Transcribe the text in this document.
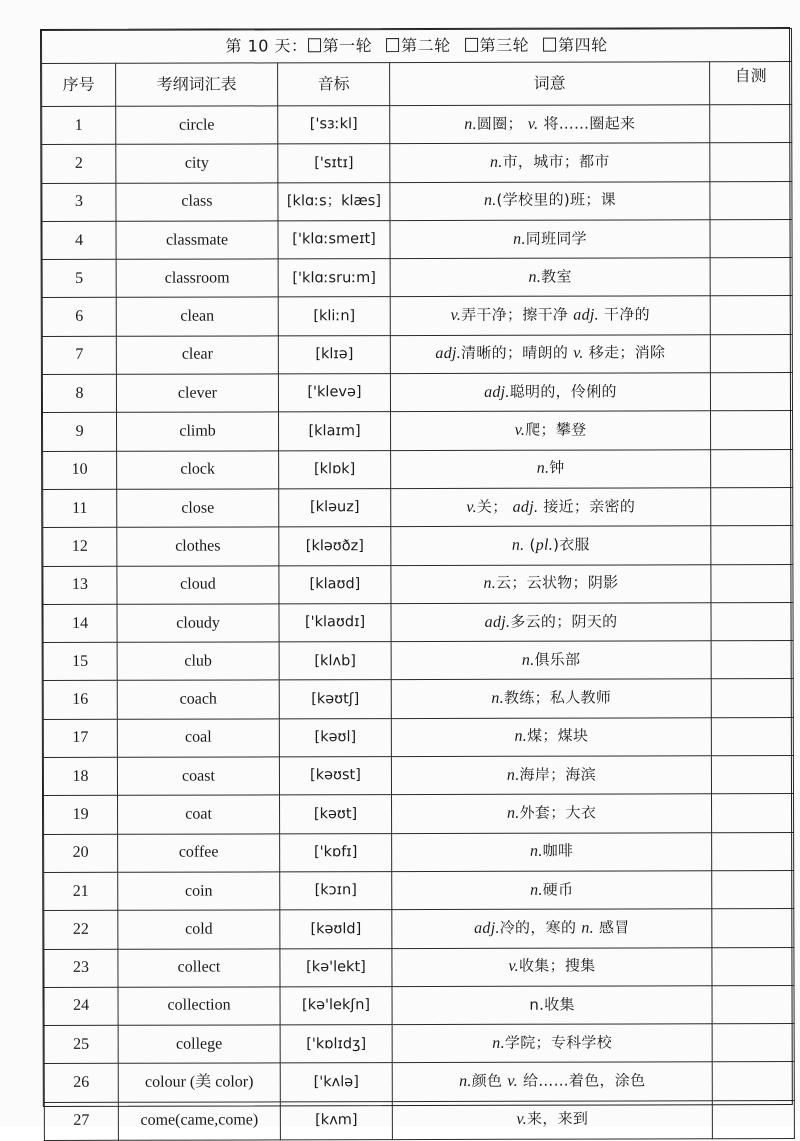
第 10 天： 第一轮 第二轮 第三轮 第四轮				
序号	考纲词汇表	音标	词意	自测
1	circle	['sɜːkl]	n.圆圈； v. 将……圈起来	
2	city	['sɪtɪ]	n.市，城市；都市	
3	class	[klɑːs；klæs]	n.(学校里的)班；课	
4	classmate	['klɑːsmeɪt]	n.同班同学	
5	classroom	['klɑːsruːm]	n.教室	
6	clean	[kliːn]	v.弄干净；擦干净 adj. 干净的	
7	clear	[klɪə]	adj.清晰的；晴朗的 v. 移走；消除	
8	clever	['klevə]	adj.聪明的，伶俐的	
9	climb	[klaɪm]	v.爬；攀登	
10	clock	[klɒk]	n.钟	
11	close	[kləuz]	v.关； adj. 接近；亲密的	
12	clothes	[kləʊðz]	n. (pl.)衣服	
13	cloud	[klaʊd]	n.云；云状物；阴影	
14	cloudy	['klaʊdɪ]	adj.多云的；阴天的	
15	club	[klʌb]	n.俱乐部	
16	coach	[kəʊtʃ]	n.教练；私人教师	
17	coal	[kəʊl]	n.煤；煤块	
18	coast	[kəʊst]	n.海岸；海滨	
19	coat	[kəʊt]	n.外套；大衣	
20	coffee	['kɒfɪ]	n.咖啡	
21	coin	[kɔɪn]	n.硬币	
22	cold	[kəʊld]	adj.冷的，寒的 n. 感冒	
23	collect	[kə'lekt]	v.收集；搜集	
24	collection	[kə'lekʃn]	n.收集	
25	college	['kɒlɪdʒ]	n.学院；专科学校	
26	colour (美 color)	['kʌlə]	n.颜色 v. 给……着色，涂色	
27	come(came,come)	[kʌm]	v.来，来到	
